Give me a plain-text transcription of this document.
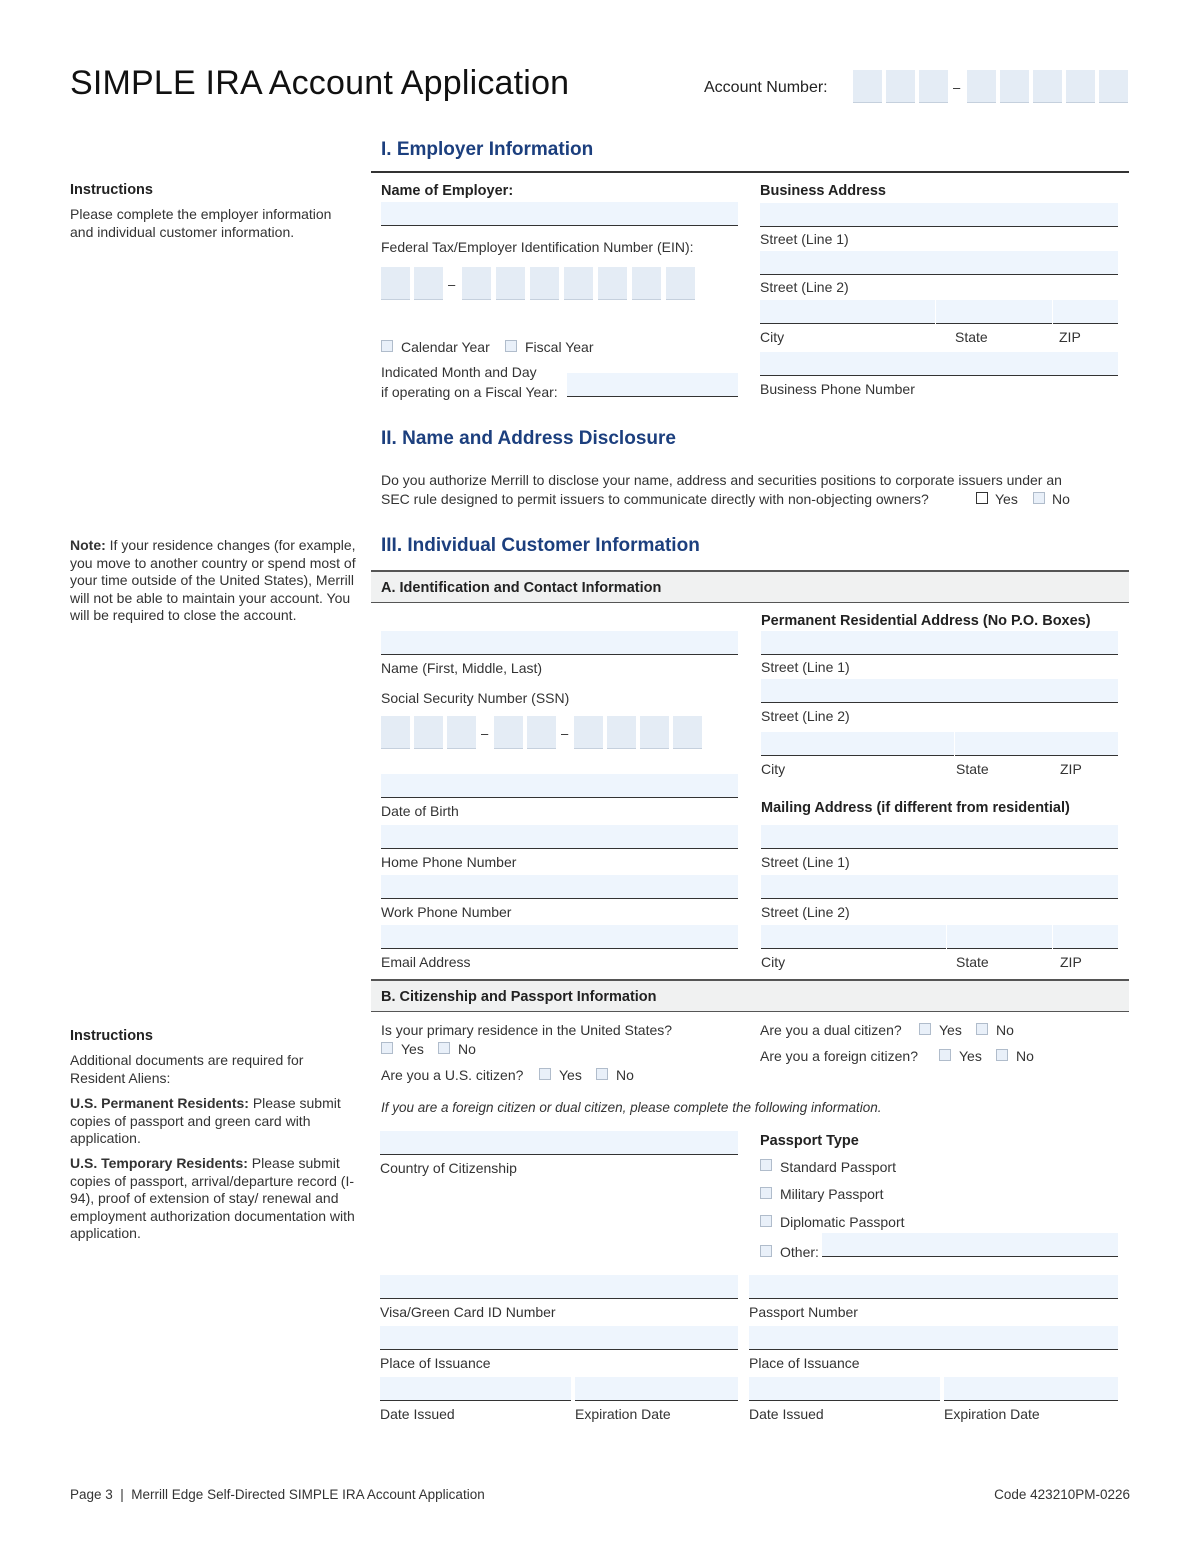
SIMPLE IRA Account Application	Account Number:	–
Instructions
Please complete the employer information and individual customer information.
Note: If your residence changes (for example, you move to another country or spend most of your time outside of the United States), Merrill will not be able to maintain your account. You will be required to close the account.
Instructions
Additional documents are required for Resident Aliens:
U.S. Permanent Residents: Please submit copies of passport and green card with application.
U.S. Temporary Residents: Please submit copies of passport, arrival/departure record (I-94), proof of extension of stay/ renewal and employment authorization documentation with application.
I. Employer Information
Name of Employer:
Federal Tax/Employer Identification Number (EIN):
–
Calendar Year	Fiscal Year
Indicated Month and Day
if operating on a Fiscal Year:
Business Address
Street (Line 1)
Street (Line 2)
City	State	ZIP
Business Phone Number
II. Name and Address Disclosure
Do you authorize Merrill to disclose your name, address and securities positions to corporate issuers under an
SEC rule designed to permit issuers to communicate directly with non-objecting owners?	Yes No
III. Individual Customer Information
A. Identification and Contact Information
Name (First, Middle, Last)
Social Security Number (SSN)
–	–
Date of Birth
Home Phone Number
Work Phone Number
Email Address
Permanent Residential Address (No P.O. Boxes)
Street (Line 1)
Street (Line 2)
City	State	ZIP
Mailing Address (if different from residential)
Street (Line 1)
Street (Line 2)
City	State	ZIP
B. Citizenship and Passport Information
Is your primary residence in the United States?
Yes No
Are you a U.S. citizen?	Yes No
Are you a dual citizen?	Yes No
Are you a foreign citizen?	Yes No
If you are a foreign citizen or dual citizen, please complete the following information.
Country of Citizenship
Passport Type
Standard Passport
Military Passport
Diplomatic Passport
Other:
Visa/Green Card ID Number	Passport Number
Place of Issuance	Place of Issuance
Date Issued	Expiration Date	Date Issued	Expiration Date
Page 3  |  Merrill Edge Self-Directed SIMPLE IRA Account Application	Code 423210PM-0226
